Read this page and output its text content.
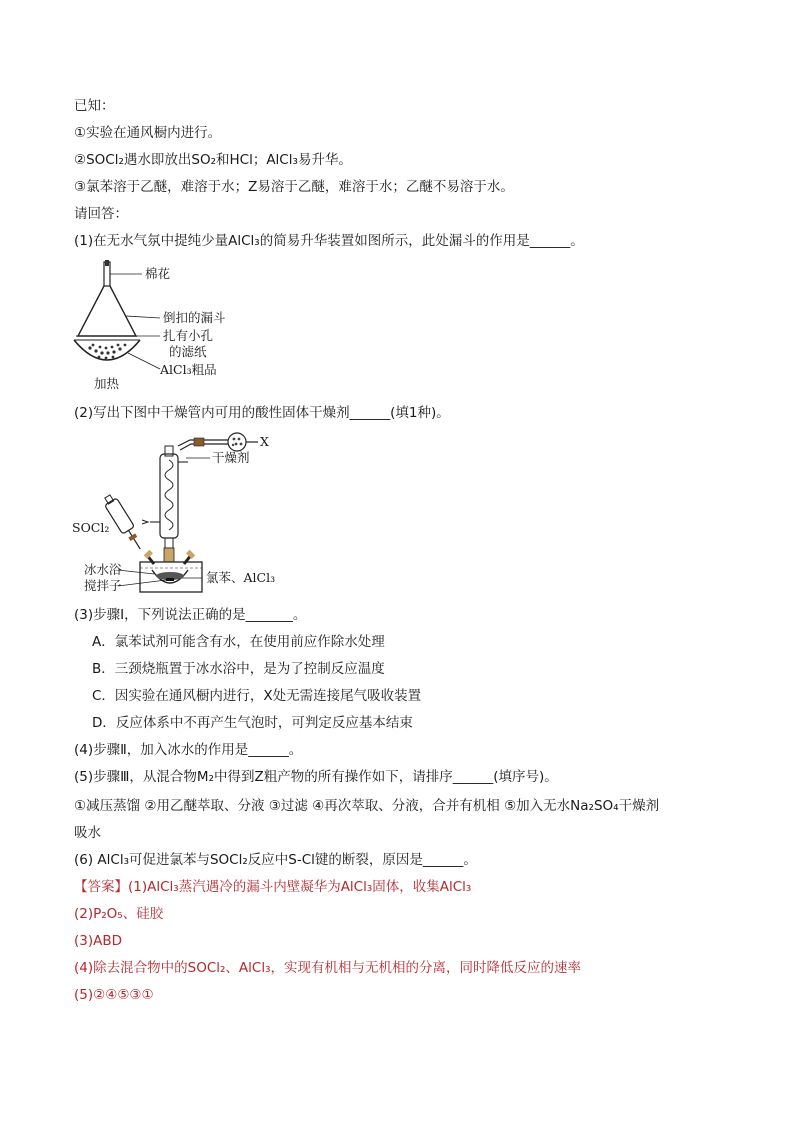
已知：
①实验在通风橱内进行。
②SOCl₂遇水即放出SO₂和HCl；AlCl₃易升华。
③氯苯溶于乙醚，难溶于水；Z易溶于乙醚，难溶于水；乙醚不易溶于水。
请回答：
(1)在无水气氛中提纯少量AlCl₃的简易升华装置如图所示，此处漏斗的作用是______。
棉花
倒扣的漏斗
扎有小孔
的滤纸
AlCl₃粗品
加热
(2)写出下图中干燥管内可用的酸性固体干燥剂______(填1种)。
X
干燥剂
SOCl₂
冰水浴
搅拌子
氯苯、AlCl₃
(3)步骤Ⅰ，下列说法正确的是_______。
A．氯苯试剂可能含有水，在使用前应作除水处理
B．三颈烧瓶置于冰水浴中，是为了控制反应温度
C．因实验在通风橱内进行，X处无需连接尾气吸收装置
D．反应体系中不再产生气泡时，可判定反应基本结束
(4)步骤Ⅱ，加入冰水的作用是______。
(5)步骤Ⅲ，从混合物M₂中得到Z粗产物的所有操作如下，请排序______(填序号)。
①减压蒸馏 ②用乙醚萃取、分液 ③过滤 ④再次萃取、分液，合并有机相 ⑤加入无水Na₂SO₄干燥剂
吸水
(6) AlCl₃可促进氯苯与SOCl₂反应中S-Cl键的断裂，原因是______。
【答案】(1)AlCl₃蒸汽遇冷的漏斗内壁凝华为AlCl₃固体，收集AlCl₃
(2)P₂O₅、硅胶
(3)ABD
(4)除去混合物中的SOCl₂、AlCl₃，实现有机相与无机相的分离，同时降低反应的速率
(5)②④⑤③①
